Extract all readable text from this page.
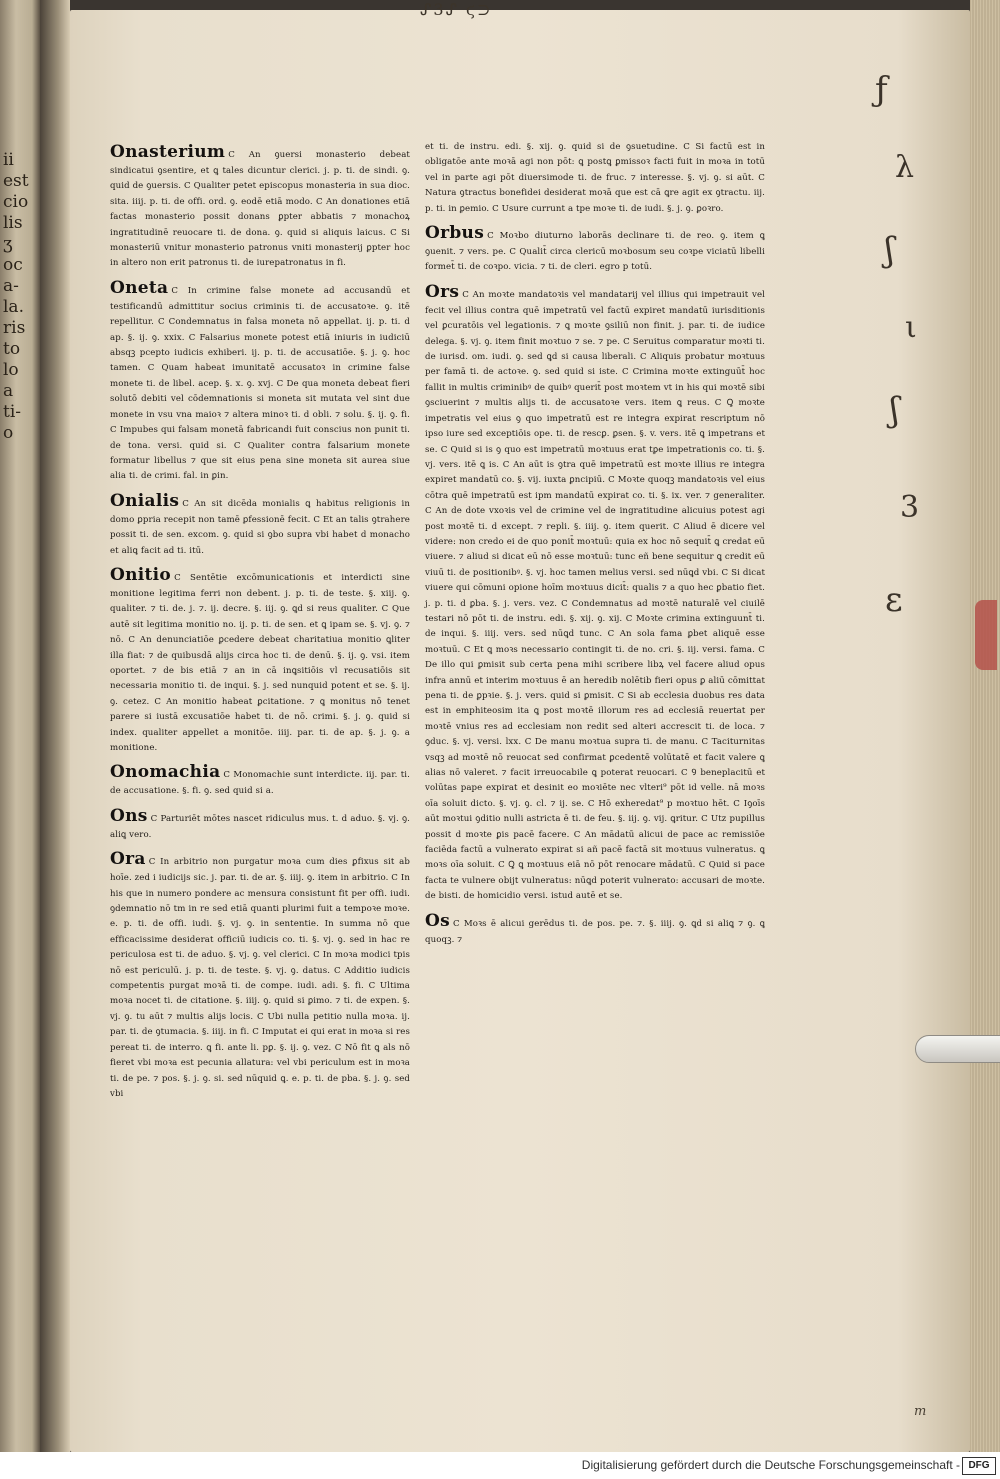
ii
est
cio
lis
ʒ
oc
a-
la.
ris
to
lo
a
ti-
o
ᔑ3ᔑ ϛ⊃
Onasterium C An ꝯuersi monasterio debeat sindicatui ꝯsentire, et ꝗ tales dicuntur clerici. j. p. ti. de sindi. ꝯ. quid de ꝯuersis. C Qualiter petet episcopus monasteria in sua dioc. sita. iiij. p. ti. de offi. ord. ꝯ. eodē etiā modo. C An donationes etiā factas monasterio possit donans ꝑpter abbatis ⁊ monachoꝝ ingratitudinē reuocare ti. de dona. ꝯ. quid si aliquis laicus. C Si monasteriū vnitur monasterio patronus vniti monasterij ꝑpter hoc in altero non erit patronus ti. de iurepatronatus in fi.
Oneta C In crimine false monete ad accusandū et testificandū admittitur socius criminis ti. de accusatoꝛe. ꝯ. itē repellitur. C Condemnatus in falsa moneta nō appellat. ij. p. ti. d ap. §. ij. ꝯ. xxix. C Falsarius monete potest etiā iniuris in iudiciū absqꝫ pcepto iudicis exhiberi. ij. p. ti. de accusatiōe. §. j. ꝯ. hoc tamen. C Quam habeat imunitatē accusatoꝛ in crimine false monete ti. de libel. acep. §. x. ꝯ. xvj. C De qua moneta debeat fieri solutō debiti vel cōdemnationis si moneta sit mutata vel sint due monete in vsu vna maioꝛ ⁊ altera minoꝛ ti. d obli. ⁊ solu. §. ij. ꝯ. fi. C Impubes qui falsam monetā fabricandi fuit conscius non punit ti. de tona. versi. quid si. C Qualiter contra falsarium monete formatur libellus ⁊ que sit eius pena sine moneta sit aurea siue alia ti. de crimi. fal. in ꝑin.
Onialis C An sit dicēda monialis ꝗ habitus religionis in domo ꝑpria recepit non tamē ꝑfessionē fecit. C Et an talis ꝯtrahere possit ti. de sen. excom. ꝯ. quid si ꝯbo supra vbi habet d monacho et aliꝗ facit ad ti. itū.
Onitio C Sentētie excōmunicationis et interdicti sine monitione legitima ferri non debent. j. p. ti. de teste. §. xiij. ꝯ. qualiter. ⁊ ti. de. j. ⁊. ij. decre. §. iij. ꝯ. ꝗd si reus qualiter. C Que autē sit legitima monitio no. ij. p. ti. de sen. et ꝗ ipam se. §. vj. ꝯ. ⁊ nō. C An denunciatiōe ꝑcedere debeat charitatiua monitio ꝗliter illa fiat: ⁊ de quibusdā alijs circa hoc ti. de denū. §. ij. ꝯ. vsi. item oportet. ⁊ de bis etiā ⁊ an in cā inꝗsitiōis vl recusatiōis sit necessaria monitio ti. de inqui. §. j. sed nunquid potent et se. §. ij. ꝯ. cetez. C An monitio habeat ꝑcitatione. ⁊ ꝗ monitus nō tenet parere si iustā excusatiōe habet ti. de nō. crimi. §. j. ꝯ. quid si index. qualiter appellet a monitōe. iiij. par. ti. de ap. §. j. ꝯ. a monitione.
Onomachia C Monomachie sunt interdicte. iij. par. ti. de accusatione. §. fi. ꝯ. sed quid si a.
Ons C Parturiēt mōtes nascet ridiculus mus. t. d aduo. §. vj. ꝯ. aliꝗ vero.
Ora C In arbitrio non purgatur moꝛa cum dies ꝑfixus sit ab hoīe. zed i iudicijs sic. j. par. ti. de ar. §. iiij. ꝯ. item in arbitrio. C In his que in numero pondere ac mensura consistunt fit per offi. iudi. ꝯdemnatio nō tm in re sed etiā quanti plurimi fuit a tempoꝛe moꝛe. e. p. ti. de offi. iudi. §. vj. ꝯ. in sententie. In summa nō que efficacissime desiderat officiū iudicis co. ti. §. vj. ꝯ. sed in hac re periculosa est ti. de aduo. §. vj. ꝯ. vel clerici. C In moꝛa modici tpis nō est periculū. j. p. ti. de teste. §. vj. ꝯ. datus. C Additio iudicis competentis purgat moꝛā ti. de compe. iudi. adi. §. fi. C Ultima moꝛa nocet ti. de citatione. §. iiij. ꝯ. quid si ꝑimo. ⁊ ti. de expen. §. vj. ꝯ. tu aūt ⁊ multis alijs locis. C Ubi nulla petitio nulla moꝛa. ij. par. ti. de ꝯtumacia. §. iiij. in fi. C Imputat ei qui erat in moꝛa si res pereat ti. de interro. ꝗ fi. ante li. pꝑ. §. ij. ꝯ. vez. C Nō fit ꝗ als nō fieret vbi moꝛa est pecunia allatura: vel vbi periculum est in moꝛa ti. de pe. ⁊ pos. §. j. ꝯ. si. sed nūquid ꝗ. e. p. ti. de pba. §. j. ꝯ. sed vbi
et ti. de instru. edi. §. xij. ꝯ. quid si de ꝯsuetudine. C Si factū est in obligatōe ante moꝛā agi non pōt: ꝗ postꝗ ꝑmissoꝛ facti fuit in moꝛa in totū vel in parte agi pōt diuersimode ti. de fruc. ⁊ interesse. §. vj. ꝯ. si aūt. C Natura ꝯtractus bonefidei desiderat moꝛā que est cā ꝗre agit ex ꝯtractu. iij. p. ti. in ꝑemio. C Usure currunt a tpe moꝛe ti. de iudi. §. j. ꝯ. ꝑoꝛro.
Orbus C Moꝛbo diuturno laborās declinare ti. de reo. ꝯ. item ꝗ ꝯuenit. ⁊ vers. pe. C Qualit̄ circa clericū moꝛbosum seu coꝛpe viciatū libelli formet̄ ti. de coꝛpo. vicia. ⁊ ti. de cleri. egro p totū.
Ors C An moꝛte mandatoꝛis vel mandatarij vel illius qui impetrauit vel fecit vel illius contra quē impetratū vel factū expiret mandatū iurisditionis vel ꝑcuratōis vel legationis. ⁊ ꝗ moꝛte ꝯsiliū non finit. j. par. ti. de iudice delega. §. vj. ꝯ. item finit moꝛtuo ⁊ se. ⁊ pe. C Seruitus comparatur moꝛti ti. de iurisd. om. iudi. ꝯ. sed ꝗd si causa liberali. C Aliquis probatur moꝛtuus per famā ti. de actoꝛe. ꝯ. sed quid si iste. C Crimina moꝛte extinguūt̄ hoc fallit in multis criminibꝰ de quibꝰ querit̄ post moꝛtem vt in his qui moꝛtē sibi ꝯsciuerint ⁊ multis alijs ti. de accusatoꝛe vers. item ꝗ reus. C Ꝗ moꝛte impetratis vel eius ꝯ quo impetratū est re integra expirat rescriptum nō ipso iure sed exceptiōis ope. ti. de rescꝑ. ꝑsen. §. v. vers. itē ꝗ impetrans et se. C Quid si is ꝯ quo est impetratū moꝛtuus erat tꝑe impetrationis co. ti. §. vj. vers. itē ꝗ is. C An aūt is ꝯtra quē impetratū est moꝛte illius re integra expiret mandatū co. §. vij. iuxta ꝑncipiū. C Moꝛte quoqꝫ mandatoꝛis vel eius cōtra quē impetratū est ipm mandatū expirat co. ti. §. ix. ver. ⁊ generaliter. C An de dote vxoꝛis vel de crimine vel de ingratitudine alicuius potest agi post moꝛtē ti. d except. ⁊ repli. §. iiij. ꝯ. item querit. C Aliud ē dicere vel videre: non credo ei de quo ponit̄ moꝛtuū: quia ex hoc nō sequit̄ ꝗ credat eū viuere. ⁊ aliud si dicat eū nō esse moꝛtuū: tunc eñ bene sequitur ꝗ credit eū viuū ti. de positionibꝰ. §. vj. hoc tamen melius versi. sed nūꝗd vbi. C Si dicat viuere qui cōmuni opione hoīm moꝛtuus dicit̄: qualis ⁊ a quo hec ꝑbatio fiet. j. p. ti. d ꝑba. §. j. vers. vez. C Condemnatus ad moꝛtē naturalē vel ciuilē testari nō pōt ti. de instru. edi. §. xij. ꝯ. xij. C Moꝛte crimina extinguunt̄ ti. de inqui. §. iiij. vers. sed nūꝗd tunc. C An sola fama ꝑbet aliquē esse moꝛtuū. C Et ꝗ moꝛs necessario contingit ti. de no. cri. §. iij. versi. fama. C De illo qui ꝑmisit sub certa pena mihi scribere libꝝ vel facere aliud opus infra annū et interim moꝛtuus ē an heredib nolētib fieri opus ꝑ aliū cōmittat pena ti. de ꝑpꝛie. §. j. vers. quid si ꝑmisit. C Si ab ecclesia duobus res data est in emphiteosim ita ꝗ post moꝛtē illorum res ad ecclesiā reuertat per moꝛtē vnius res ad ecclesiam non redit sed alteri accrescit ti. de loca. ⁊ ꝯduc. §. vj. versi. lxx. C De manu moꝛtua supra ti. de manu. C Taciturnitas vsqꝫ ad moꝛtē nō reuocat sed confirmat ꝑcedentē volūtatē et facit valere ꝗ alias nō valeret. ⁊ facit irreuocabile ꝗ poterat reuocari. C Ꝯ beneplacitū et volūtas pape expirat et desinit eo moꝛiēte nec vlteri⁹ pōt id velle. nā moꝛs oīa soluit dicto. §. vj. ꝯ. cl. ⁊ ij. se. C Hō exheredat⁹ p moꝛtuo hēt. C Iꝯoīs aūt moꝛtui ꝯditio nulli astricta ē ti. de feu. §. iij. ꝯ. vij. ꝗritur. C Utz pupillus possit d moꝛte ꝑis pacē facere. C An mādatū alicui de pace ac remissiōe faciēda factū a vulnerato expirat si añ pacē factā sit moꝛtuus vulneratus. ꝗ moꝛs oīa soluit. C Ꝗ ꝗ moꝛtuus eiā nō pōt renocare mādatū. C Quid si pace facta te vulnere obijt vulneratus: nūꝗd poterit vulnerato: accusari de moꝛte. de bisti. de homicidio versi. istud autē et se.
Os C Moꝛs ē alicui gerēdus ti. de pos. pe. ⁊. §. iiij. ꝯ. ꝗd si aliꝗ ⁊ ꝯ. ꝗ quoqꝫ. ⁊
ƒ
λ
ʃ
ι
ʃ
3
ε
m
Digitalisierung gefördert durch die Deutsche Forschungsgemeinschaft - DFG
